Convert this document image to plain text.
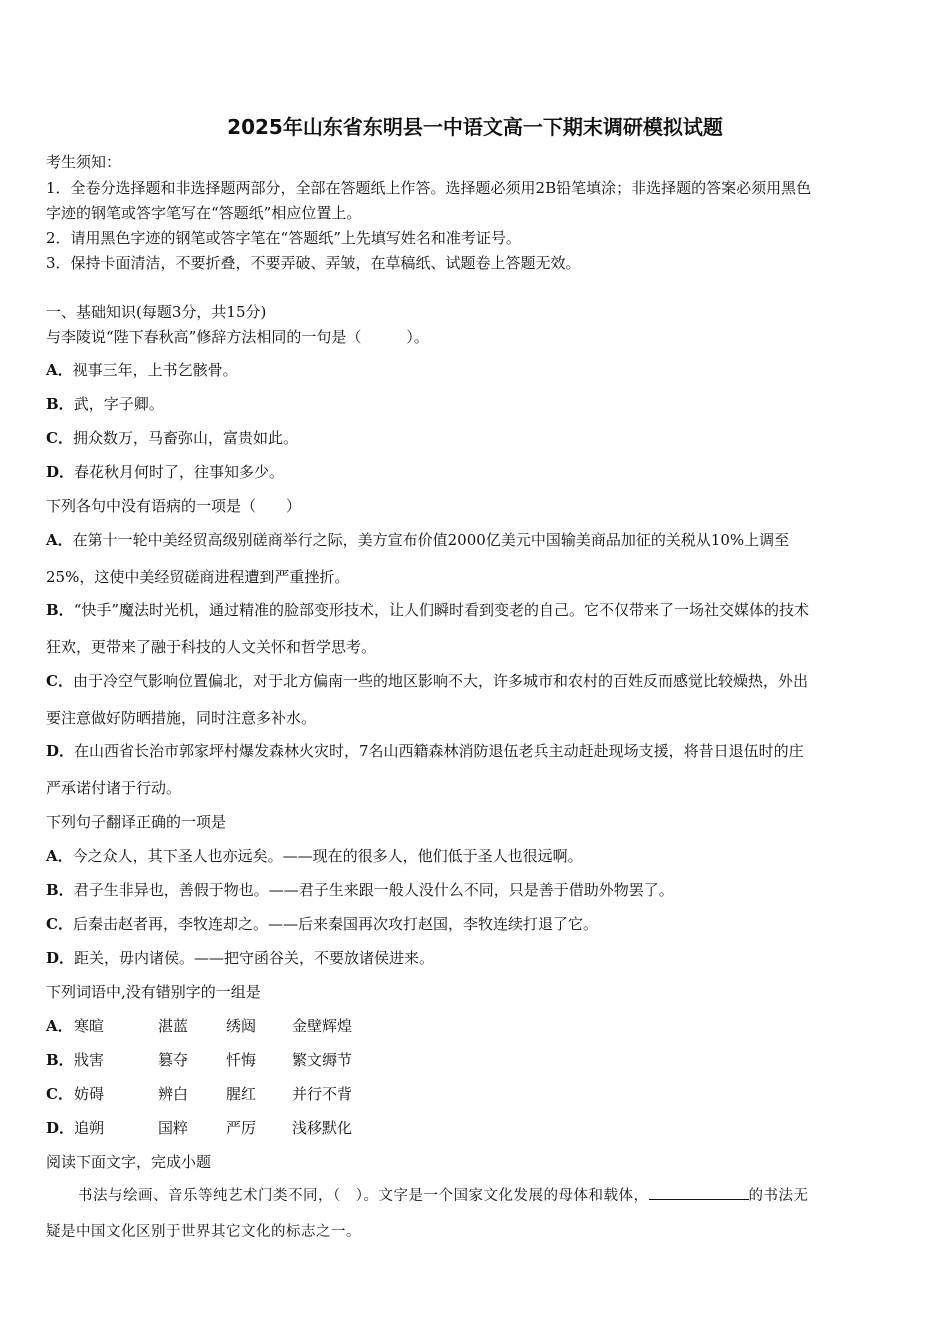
2025年山东省东明县一中语文高一下期末调研模拟试题
考生须知：
1．全卷分选择题和非选择题两部分，全部在答题纸上作答。选择题必须用2B铅笔填涂；非选择题的答案必须用黑色
字迹的钢笔或答字笔写在“答题纸”相应位置上。
2．请用黑色字迹的钢笔或答字笔在“答题纸”上先填写姓名和准考证号。
3．保持卡面清洁，不要折叠，不要弄破、弄皱，在草稿纸、试题卷上答题无效。
一、基础知识(每题3分，共15分)
与李陵说“陛下春秋高”修辞方法相同的一句是（　　　）。
A．视事三年，上书乞骸骨。
B．武，字子卿。
C．拥众数万，马畜弥山，富贵如此。
D．春花秋月何时了，往事知多少。
下列各句中没有语病的一项是（　　）
A．在第十一轮中美经贸高级别磋商举行之际，美方宣布价值2000亿美元中国输美商品加征的关税从10%上调至
25%，这使中美经贸磋商进程遭到严重挫折。
B．“快手”魔法时光机，通过精准的脸部变形技术，让人们瞬时看到变老的自己。它不仅带来了一场社交媒体的技术
狂欢，更带来了融于科技的人文关怀和哲学思考。
C．由于冷空气影响位置偏北，对于北方偏南一些的地区影响不大，许多城市和农村的百姓反而感觉比较燥热，外出
要注意做好防晒措施，同时注意多补水。
D．在山西省长治市郭家坪村爆发森林火灾时，7名山西籍森林消防退伍老兵主动赶赴现场支援，将昔日退伍时的庄
严承诺付诸于行动。
下列句子翻译正确的一项是
A．今之众人，其下圣人也亦远矣。——现在的很多人，他们低于圣人也很远啊。
B．君子生非异也，善假于物也。——君子生来跟一般人没什么不同，只是善于借助外物罢了。
C．后秦击赵者再，李牧连却之。——后来秦国再次攻打赵国，李牧连续打退了它。
D．距关，毋内诸侯。——把守函谷关，不要放诸侯进来。
下列词语中,没有错别字的一组是
A．寒暄	湛蓝	绣闼 金壁辉煌
B．戕害	篡夺	忏悔 繁文缛节
C．妨碍	辨白	腥红 并行不背
D．追朔	国粹	严厉 浅移默化
阅读下面文字，完成小题
书法与绘画、音乐等纯艺术门类不同，（　）。文字是一个国家文化发展的母体和载体，	的书法无
疑是中国文化区别于世界其它文化的标志之一。
